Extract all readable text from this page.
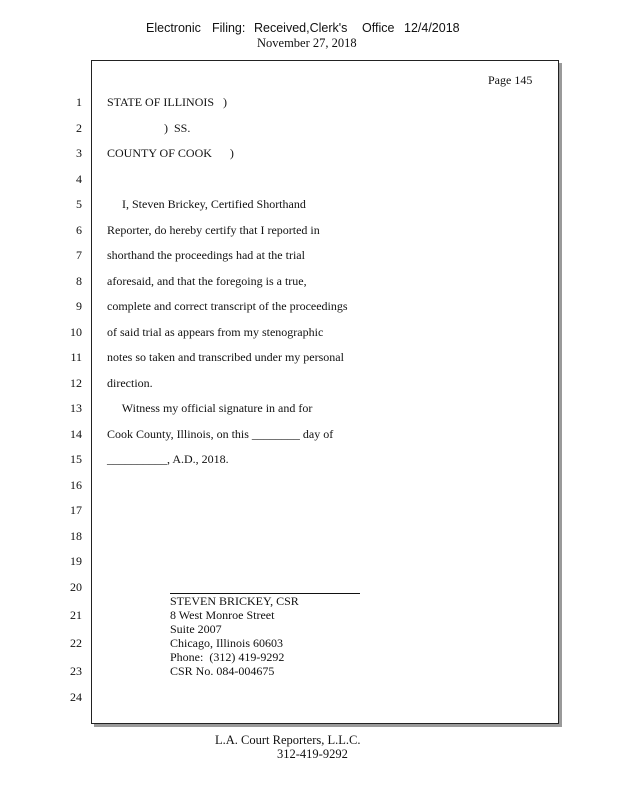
Electronic

Filing:

Received,Clerk's

Office

12/4/2018

November 27, 2018
Page 145
1 STATE OF ILLINOIS   )
2 )  SS.
3 COUNTY OF COOK      )
4
5 I, Steven Brickey, Certified Shorthand
6 Reporter, do hereby certify that I reported in
7 shorthand the proceedings had at the trial
8 aforesaid, and that the foregoing is a true,
9 complete and correct transcript of the proceedings
10 of said trial as appears from my stenographic
11 notes so taken and transcribed under my personal
12 direction.
13 Witness my official signature in and for
14 Cook County, Illinois, on this ________ day of
15 __________, A.D., 2018.
16
17
18
19
20
21
22
23
24
STEVEN BRICKEY, CSR
8 West Monroe Street
Suite 2007
Chicago, Illinois 60603
Phone:  (312) 419-9292
CSR No. 084-004675
L.A. Court Reporters, L.L.C.
312-419-9292
